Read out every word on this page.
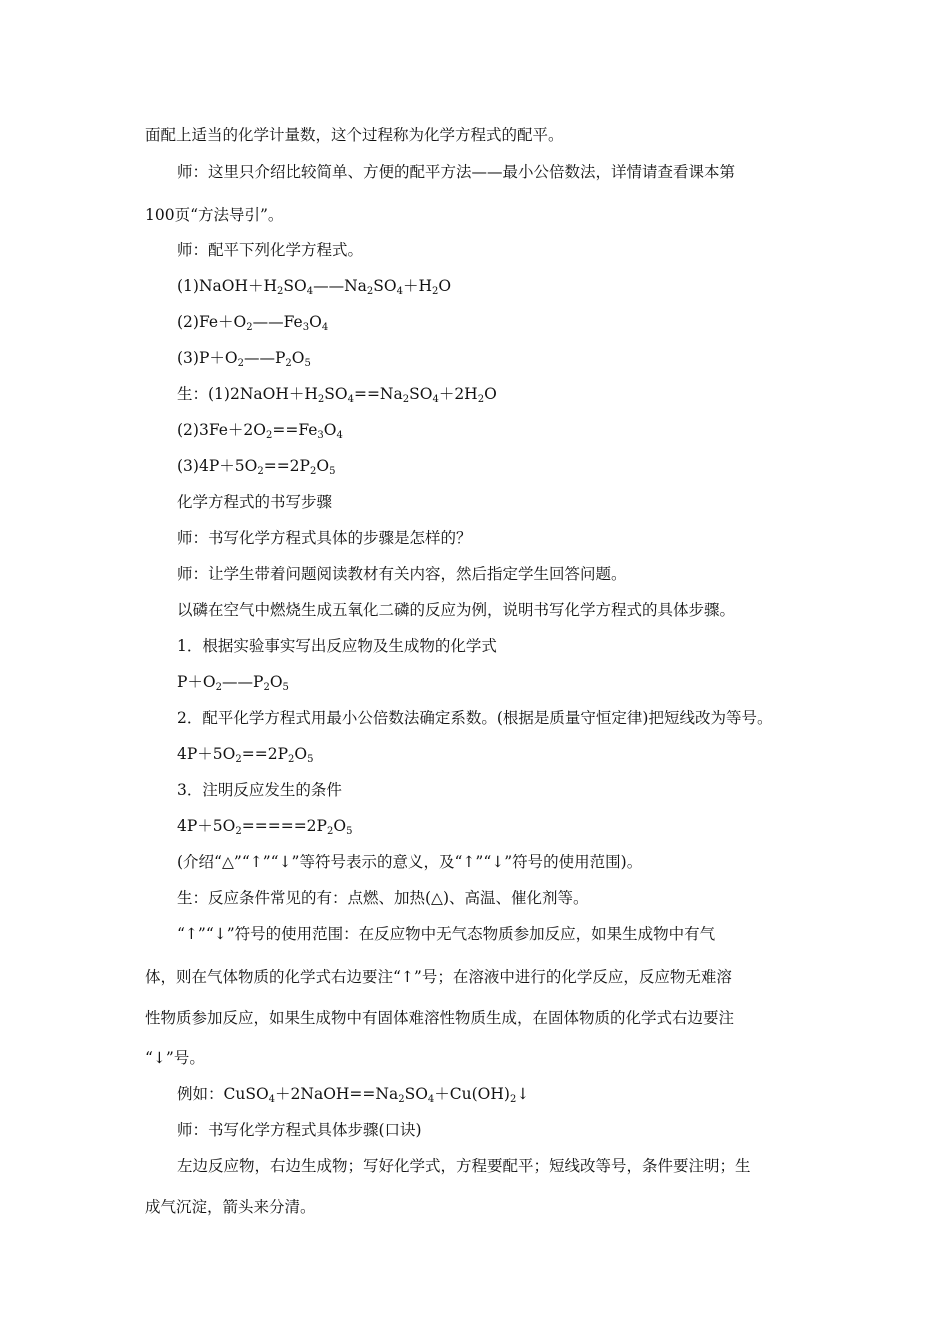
面配上适当的化学计量数，这个过程称为化学方程式的配平。
师：这里只介绍比较简单、方便的配平方法——最小公倍数法，详情请查看课本第
100页“方法导引”。
师：配平下列化学方程式。
$(1)NaOH+H_2SO_4——Na_2SO_4+H_2O$
$(2)Fe+O_2——Fe_3O_4$
$(3)P+O_2——P_2O_5$
生：$(1)2NaOH+H_2SO_4==Na_2SO_4+2H_2O$
$(2)3Fe+2O_2==Fe_3O_4$
$(3)4P+5O_2==2P_2O_5$
化学方程式的书写步骤
师：书写化学方程式具体的步骤是怎样的？
师：让学生带着问题阅读教材有关内容，然后指定学生回答问题。
以磷在空气中燃烧生成五氧化二磷的反应为例，说明书写化学方程式的具体步骤。
1．根据实验事实写出反应物及生成物的化学式
$P+O_2——P_2O_5$
2．配平化学方程式用最小公倍数法确定系数。(根据是质量守恒定律)把短线改为等号。
$4P+5O_2==2P_2O_5$
3．注明反应发生的条件
$4P+5O_2=====2P_2O_5$
(介绍“△”“↑”“↓”等符号表示的意义，及“↑”“↓”符号的使用范围)。
生：反应条件常见的有：点燃、加热(△)、高温、催化剂等。
“↑”“↓”符号的使用范围：在反应物中无气态物质参加反应，如果生成物中有气
体，则在气体物质的化学式右边要注“↑”号；在溶液中进行的化学反应，反应物无难溶
性物质参加反应，如果生成物中有固体难溶性物质生成，在固体物质的化学式右边要注
“↓”号。
例如：$CuSO_4+2NaOH==Na_2SO_4+Cu(OH)_2↓$
师：书写化学方程式具体步骤(口诀)
左边反应物，右边生成物；写好化学式，方程要配平；短线改等号，条件要注明；生
成气沉淀，箭头来分清。
